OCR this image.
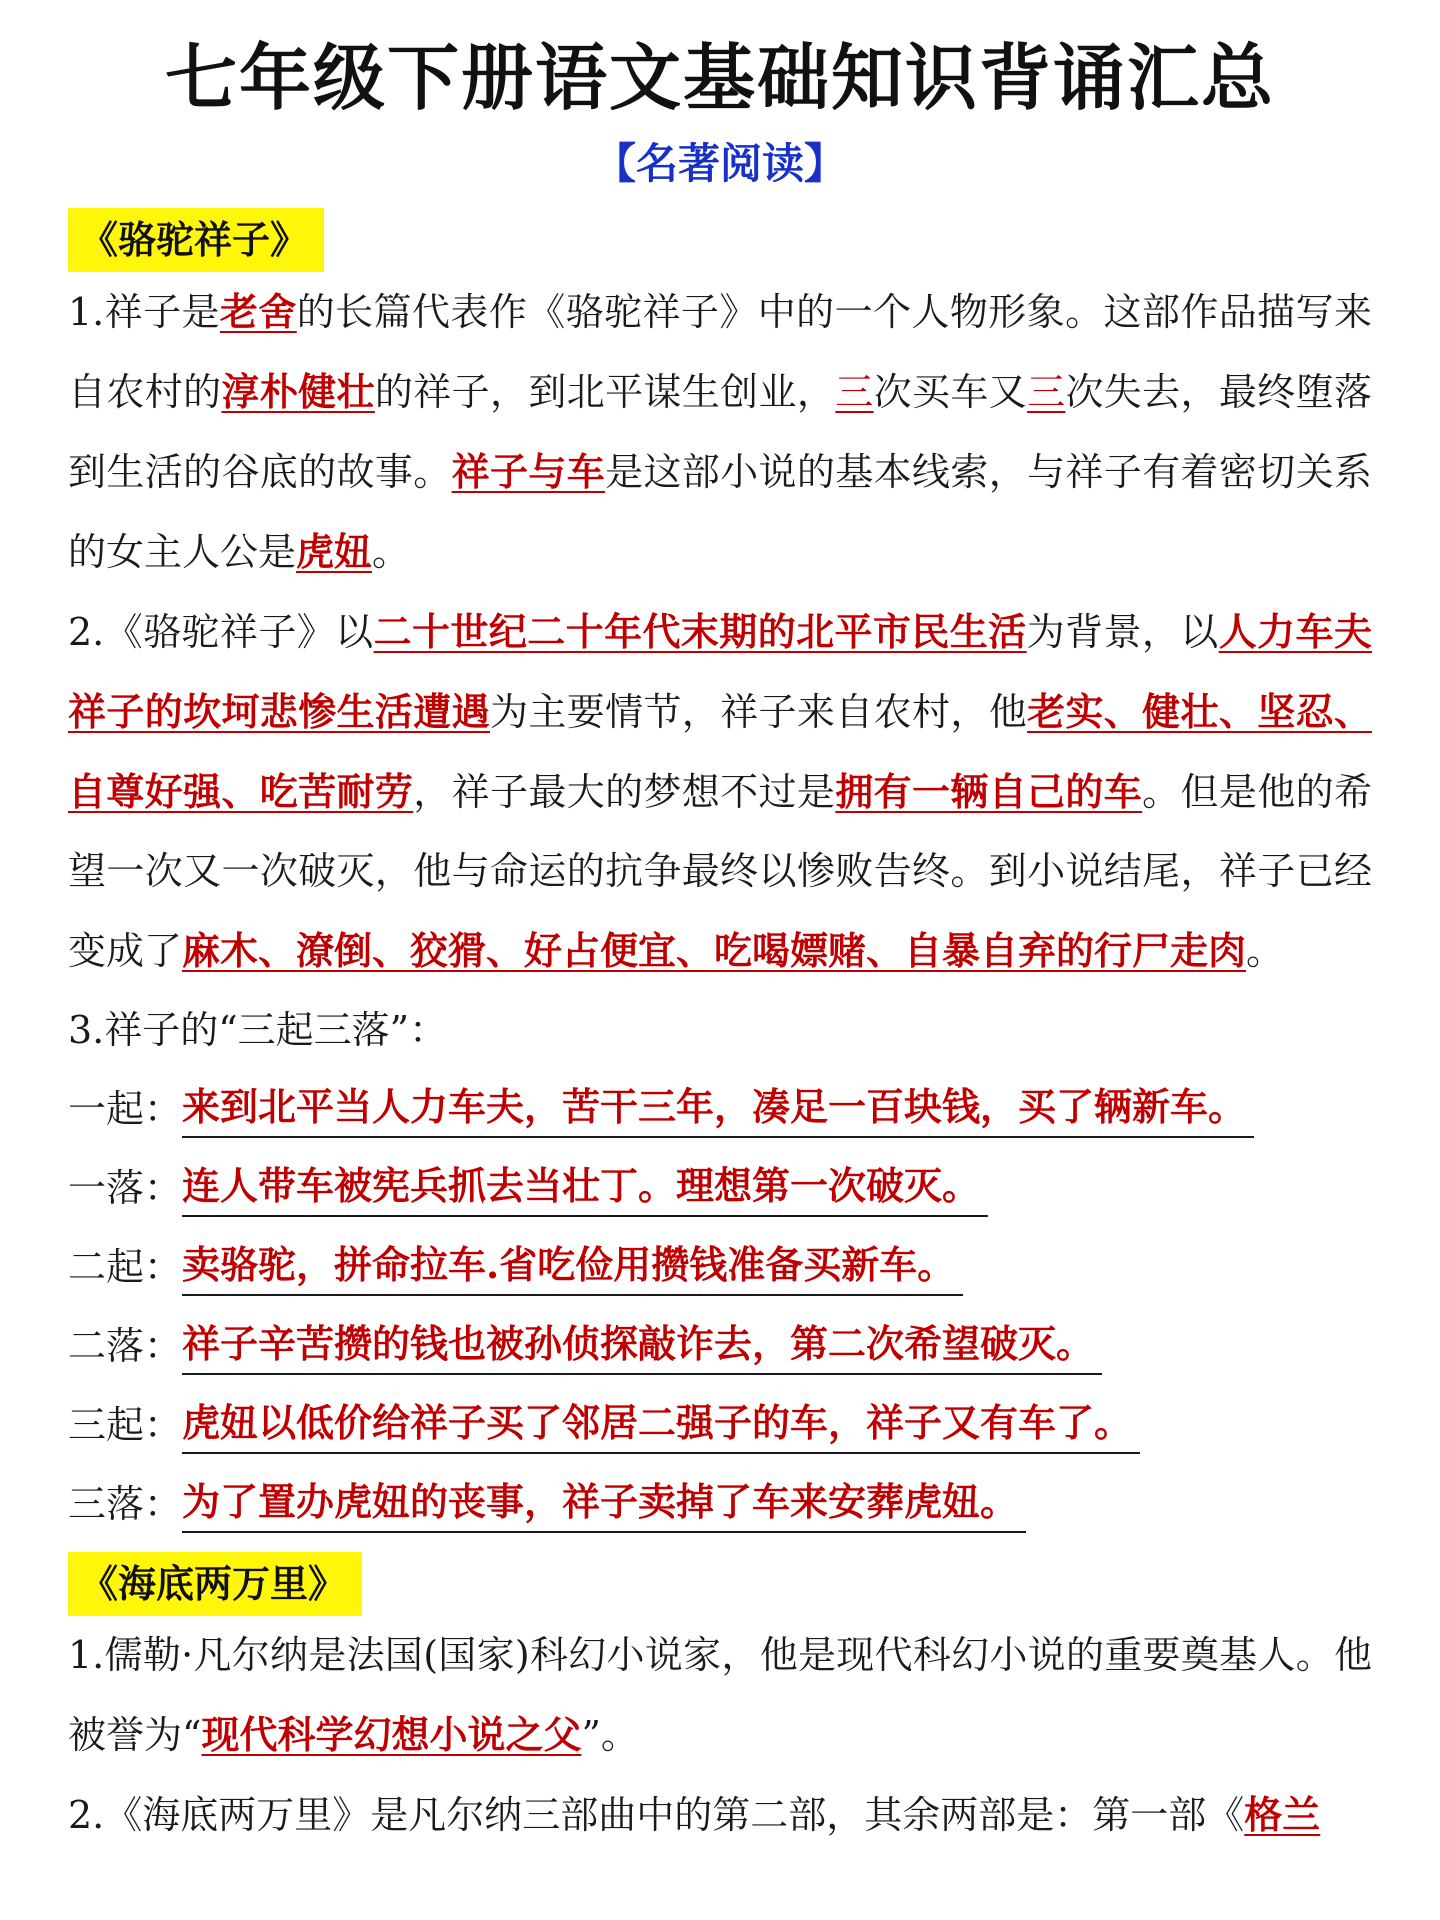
七年级下册语文基础知识背诵汇总
【名著阅读】
《骆驼祥子》

1.祥子是老舍的长篇代表作《骆驼祥子》中的一个人物形象。这部作品描写来自农村的淳朴健壮的祥子，到北平谋生创业，三次买车又三次失去，最终堕落到生活的谷底的故事。祥子与车是这部小说的基本线索，与祥子有着密切关系的女主人公是虎妞。

2.《骆驼祥子》以二十世纪二十年代末期的北平市民生活为背景，以人力车夫祥子的坎坷悲惨生活遭遇为主要情节，祥子来自农村，他老实、健壮、坚忍、自尊好强、吃苦耐劳，祥子最大的梦想不过是拥有一辆自己的车。但是他的希望一次又一次破灭，他与命运的抗争最终以惨败告终。到小说结尾，祥子已经变成了麻木、潦倒、狡猾、好占便宜、吃喝嫖赌、自暴自弃的行尸走肉。

3.祥子的“三起三落”：

一起： 来到北平当人力车夫，苦干三年，凑足一百块钱，买了辆新车。
一落： 连人带车被宪兵抓去当壮丁。理想第一次破灭。
二起： 卖骆驼，拼命拉车.省吃俭用攒钱准备买新车。
二落： 祥子辛苦攒的钱也被孙侦探敲诈去，第二次希望破灭。
三起： 虎妞以低价给祥子买了邻居二强子的车，祥子又有车了。
三落： 为了置办虎妞的丧事，祥子卖掉了车来安葬虎妞。
《海底两万里》

1.儒勒·凡尔纳是法国(国家)科幻小说家，他是现代科幻小说的重要奠基人。他被誉为“现代科学幻想小说之父”。

2.《海底两万里》是凡尔纳三部曲中的第二部，其余两部是：第一部《格兰
